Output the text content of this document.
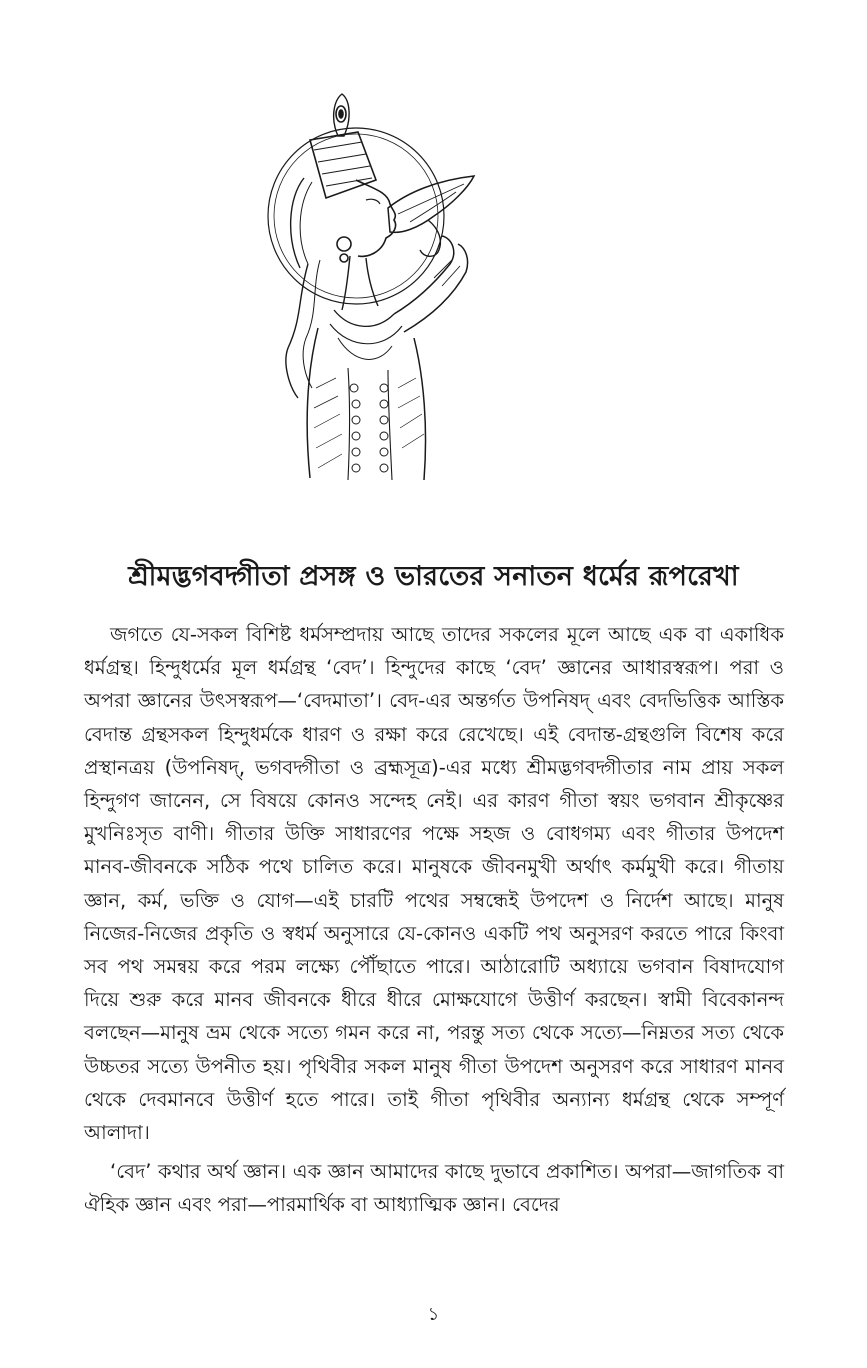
শ্রীমদ্ভগবদ্গীতা প্রসঙ্গ ও ভারতের সনাতন ধর্মের রূপরেখা

জগতে যে-সকল বিশিষ্ট ধর্মসম্প্রদায় আছে তাদের সকলের মূলে আছে এক বা একাধিক ধর্মগ্রন্থ। হিন্দুধর্মের মূল ধর্মগ্রন্থ ‘বেদ’। হিন্দুদের কাছে ‘বেদ’ জ্ঞানের আধারস্বরূপ। পরা ও অপরা জ্ঞানের উৎসস্বরূপ—‘বেদমাতা’। বেদ-এর অন্তর্গত উপনিষদ্ এবং বেদভিত্তিক আস্তিক বেদান্ত গ্রন্থসকল হিন্দুধর্মকে ধারণ ও রক্ষা করে রেখেছে। এই বেদান্ত-গ্রন্থগুলি বিশেষ করে প্রস্থানত্রয় (উপনিষদ্, ভগবদ্গীতা ও ব্রহ্মসূত্র)-এর মধ্যে শ্রীমদ্ভগবদ্গীতার নাম প্রায় সকল হিন্দুগণ জানেন, সে বিষয়ে কোনও সন্দেহ নেই। এর কারণ গীতা স্বয়ং ভগবান শ্রীকৃষ্ণের মুখনিঃসৃত বাণী। গীতার উক্তি সাধারণের পক্ষে সহজ ও বোধগম্য এবং গীতার উপদেশ মানব-জীবনকে সঠিক পথে চালিত করে। মানুষকে জীবনমুখী অর্থাৎ কর্মমুখী করে। গীতায় জ্ঞান, কর্ম, ভক্তি ও যোগ—এই চারটি পথের সম্বন্ধেই উপদেশ ও নির্দেশ আছে। মানুষ নিজের-নিজের প্রকৃতি ও স্বধর্ম অনুসারে যে-কোনও একটি পথ অনুসরণ করতে পারে কিংবা সব পথ সমন্বয় করে পরম লক্ষ্যে পৌঁছাতে পারে। আঠারোটি অধ্যায়ে ভগবান বিষাদযোগ দিয়ে শুরু করে মানব জীবনকে ধীরে ধীরে মোক্ষযোগে উত্তীর্ণ করছেন। স্বামী বিবেকানন্দ বলছেন—মানুষ ভ্রম থেকে সত্যে গমন করে না, পরন্তু সত্য থেকে সত্যে—নিম্নতর সত্য থেকে উচ্চতর সত্যে উপনীত হয়। পৃথিবীর সকল মানুষ গীতা উপদেশ অনুসরণ করে সাধারণ মানব থেকে দেবমানবে উত্তীর্ণ হতে পারে। তাই গীতা পৃথিবীর অন্যান্য ধর্মগ্রন্থ থেকে সম্পূর্ণ আলাদা।

‘বেদ’ কথার অর্থ জ্ঞান। এক জ্ঞান আমাদের কাছে দুভাবে প্রকাশিত। অপরা—জাগতিক বা ঐহিক জ্ঞান এবং পরা—পারমার্থিক বা আধ্যাত্মিক জ্ঞান। বেদের

১
